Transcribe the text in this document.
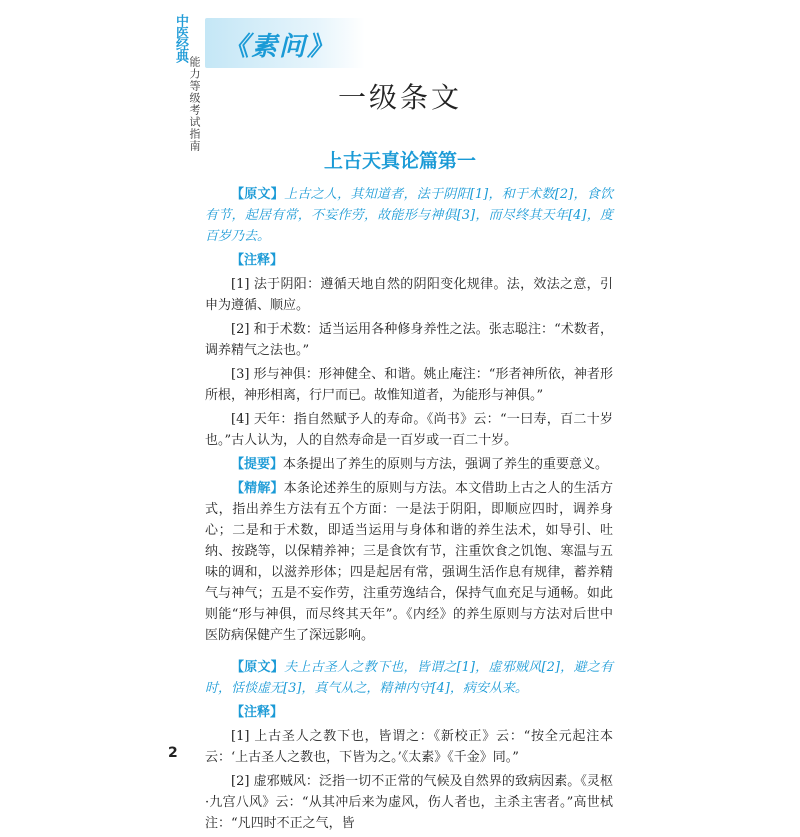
中医经典
能力等级考试指南
《素问》
一级条文
上古天真论篇第一

【原文】上古之人，其知道者，法于阴阳[1]，和于术数[2]，食饮有节，起居有常，不妄作劳，故能形与神俱[3]，而尽终其天年[4]，度百岁乃去。

【注释】

[1] 法于阴阳：遵循天地自然的阴阳变化规律。法，效法之意，引申为遵循、顺应。

[2] 和于术数：适当运用各种修身养性之法。张志聪注：“术数者，调养精气之法也。”

[3] 形与神俱：形神健全、和谐。姚止庵注：“形者神所依，神者形所根，神形相离，行尸而已。故惟知道者，为能形与神俱。”

[4] 天年：指自然赋予人的寿命。《尚书》云：“一曰寿，百二十岁也。”古人认为，人的自然寿命是一百岁或一百二十岁。

【提要】本条提出了养生的原则与方法，强调了养生的重要意义。

【精解】本条论述养生的原则与方法。本文借助上古之人的生活方式，指出养生方法有五个方面：一是法于阴阳，即顺应四时，调养身心；二是和于术数，即适当运用与身体和谐的养生法术，如导引、吐纳、按跷等，以保精养神；三是食饮有节，注重饮食之饥饱、寒温与五味的调和，以滋养形体；四是起居有常，强调生活作息有规律，蓄养精气与神气；五是不妄作劳，注重劳逸结合，保持气血充足与通畅。如此则能“形与神俱，而尽终其天年”。《内经》的养生原则与方法对后世中医防病保健产生了深远影响。

【原文】夫上古圣人之教下也，皆谓之[1]，虚邪贼风[2]，避之有时，恬惔虚无[3]，真气从之，精神内守[4]，病安从来。

【注释】

[1] 上古圣人之教下也，皆谓之：《新校正》云：“按全元起注本云：‘上古圣人之教也，下皆为之。’《太素》《千金》同。”

[2] 虚邪贼风：泛指一切不正常的气候及自然界的致病因素。《灵枢·九宫八风》云：“从其冲后来为虚风，伤人者也，主杀主害者。”高世栻注：“凡四时不正之气，皆

2
